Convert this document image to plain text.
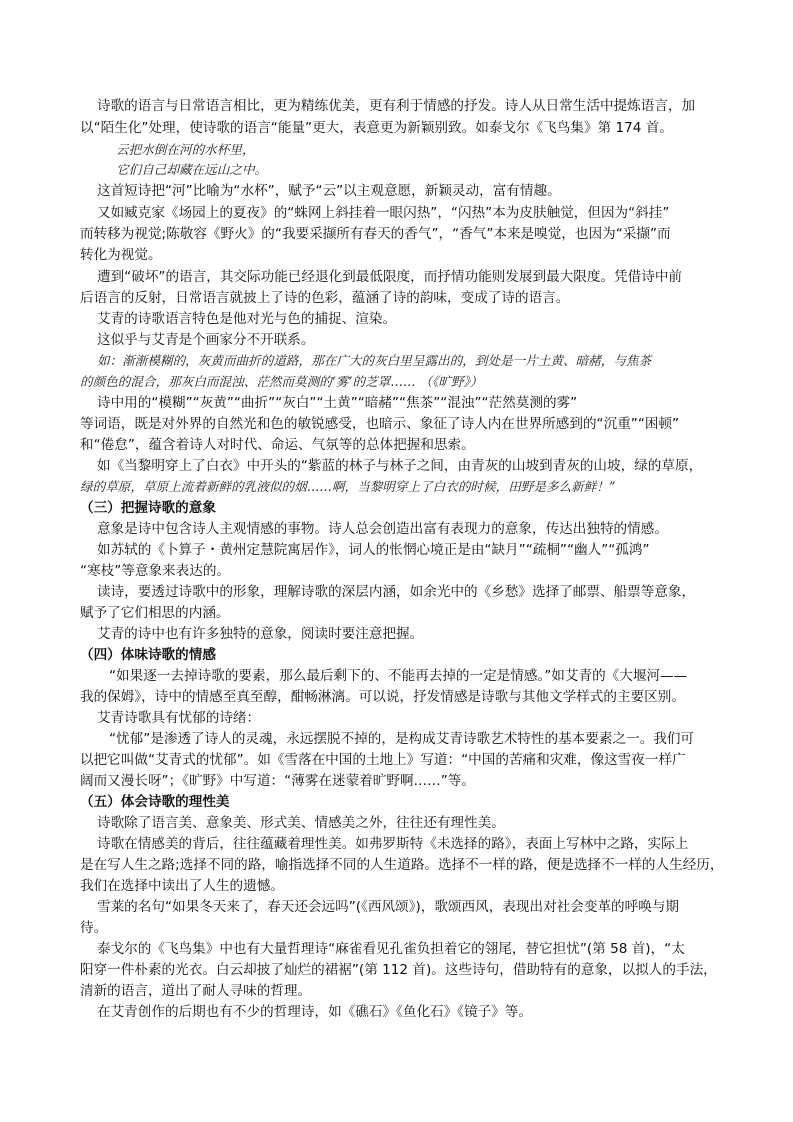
诗歌的语言与日常语言相比，更为精练优美，更有利于情感的抒发。诗人从日常生活中提炼语言，加
以“陌生化”处理，使诗歌的语言“能量”更大，表意更为新颖别致。如泰戈尔《飞鸟集》第 174 首。
云把水倒在河的水杯里，
它们自己却藏在远山之中。
这首短诗把“河”比喻为“水杯”，赋予“云”以主观意愿，新颖灵动，富有情趣。
又如臧克家《场园上的夏夜》的“蛛网上斜挂着一眼闪热”，“闪热”本为皮肤触觉，但因为“斜挂”
而转移为视觉;陈敬容《野火》的“我要采撷所有春天的香气”，“香气”本来是嗅觉，也因为“采撷”而
转化为视觉。
遭到“破坏”的语言，其交际功能已经退化到最低限度，而抒情功能则发展到最大限度。凭借诗中前
后语言的反射，日常语言就披上了诗的色彩，蕴涵了诗的韵味，变成了诗的语言。
艾青的诗歌语言特色是他对光与色的捕捉、渲染。
这似乎与艾青是个画家分不开联系。
如：渐渐模糊的，灰黄而曲折的道路，那在广大的灰白里呈露出的，到处是一片土黄、暗赭，与焦茶
的颜色的混合，那灰白而混浊、茫然而莫测的‘雾’的芝罩…… （《旷野》）
诗中用的“模糊”“灰黄”“曲折”“灰白”“土黄”“暗赭”“焦茶”“混浊”“茫然莫测的雾”
等词语，既是对外界的自然光和色的敏锐感受，也暗示、象征了诗人内在世界所感到的“沉重”“困顿”
和“倦怠”，蕴含着诗人对时代、命运、气氛等的总体把握和思索。
如《当黎明穿上了白衣》中开头的“紫蓝的林子与林子之间，由青灰的山坡到青灰的山坡，绿的草原，
绿的草原，草原上流着新鲜的乳液似的烟……啊，当黎明穿上了白衣的时候，田野是多么新鲜！”
（三）把握诗歌的意象
意象是诗中包含诗人主观情感的事物。诗人总会创造出富有表现力的意象，传达出独特的情感。
如苏轼的《卜算子・黄州定慧院寓居作》，词人的怅惘心境正是由“缺月”“疏桐”“幽人”“孤鸿”
“寒枝”等意象来表达的。
读诗，要透过诗歌中的形象，理解诗歌的深层内涵，如余光中的《乡愁》选择了邮票、船票等意象，
赋予了它们相思的内涵。
艾青的诗中也有许多独特的意象，阅读时要注意把握。
（四）体味诗歌的情感
“如果逐一去掉诗歌的要素，那么最后剩下的、不能再去掉的一定是情感。”如艾青的《大堰河——
我的保姆》，诗中的情感至真至醇，酣畅淋漓。可以说，抒发情感是诗歌与其他文学样式的主要区别。
艾青诗歌具有忧郁的诗绪：
“忧郁”是渗透了诗人的灵魂，永远摆脱不掉的，是构成艾青诗歌艺术特性的基本要素之一。我们可
以把它叫做“艾青式的忧郁”。如《雪落在中国的土地上》写道：“中国的苦痛和灾难，像这雪夜一样广
阔而又漫长呀”；《旷野》中写道：“薄雾在迷蒙着旷野啊……”等。
（五）体会诗歌的理性美
诗歌除了语言美、意象美、形式美、情感美之外，往往还有理性美。
诗歌在情感美的背后，往往蕴藏着理性美。如弗罗斯特《未选择的路》，表面上写林中之路，实际上
是在写人生之路;选择不同的路，喻指选择不同的人生道路。选择不一样的路，便是选择不一样的人生经历，
我们在选择中读出了人生的遗憾。
雪莱的名句“如果冬天来了，春天还会远吗”(《西风颂》)，歌颂西风，表现出对社会变革的呼唤与期
待。
泰戈尔的《飞鸟集》中也有大量哲理诗“麻雀看见孔雀负担着它的翎尾，替它担忧”(第 58 首)，“太
阳穿一件朴素的光衣。白云却披了灿烂的裙裾”(第 112 首)。这些诗句，借助特有的意象，以拟人的手法，
清新的语言，道出了耐人寻味的哲理。
在艾青创作的后期也有不少的哲理诗，如《礁石》《鱼化石》《镜子》等。
